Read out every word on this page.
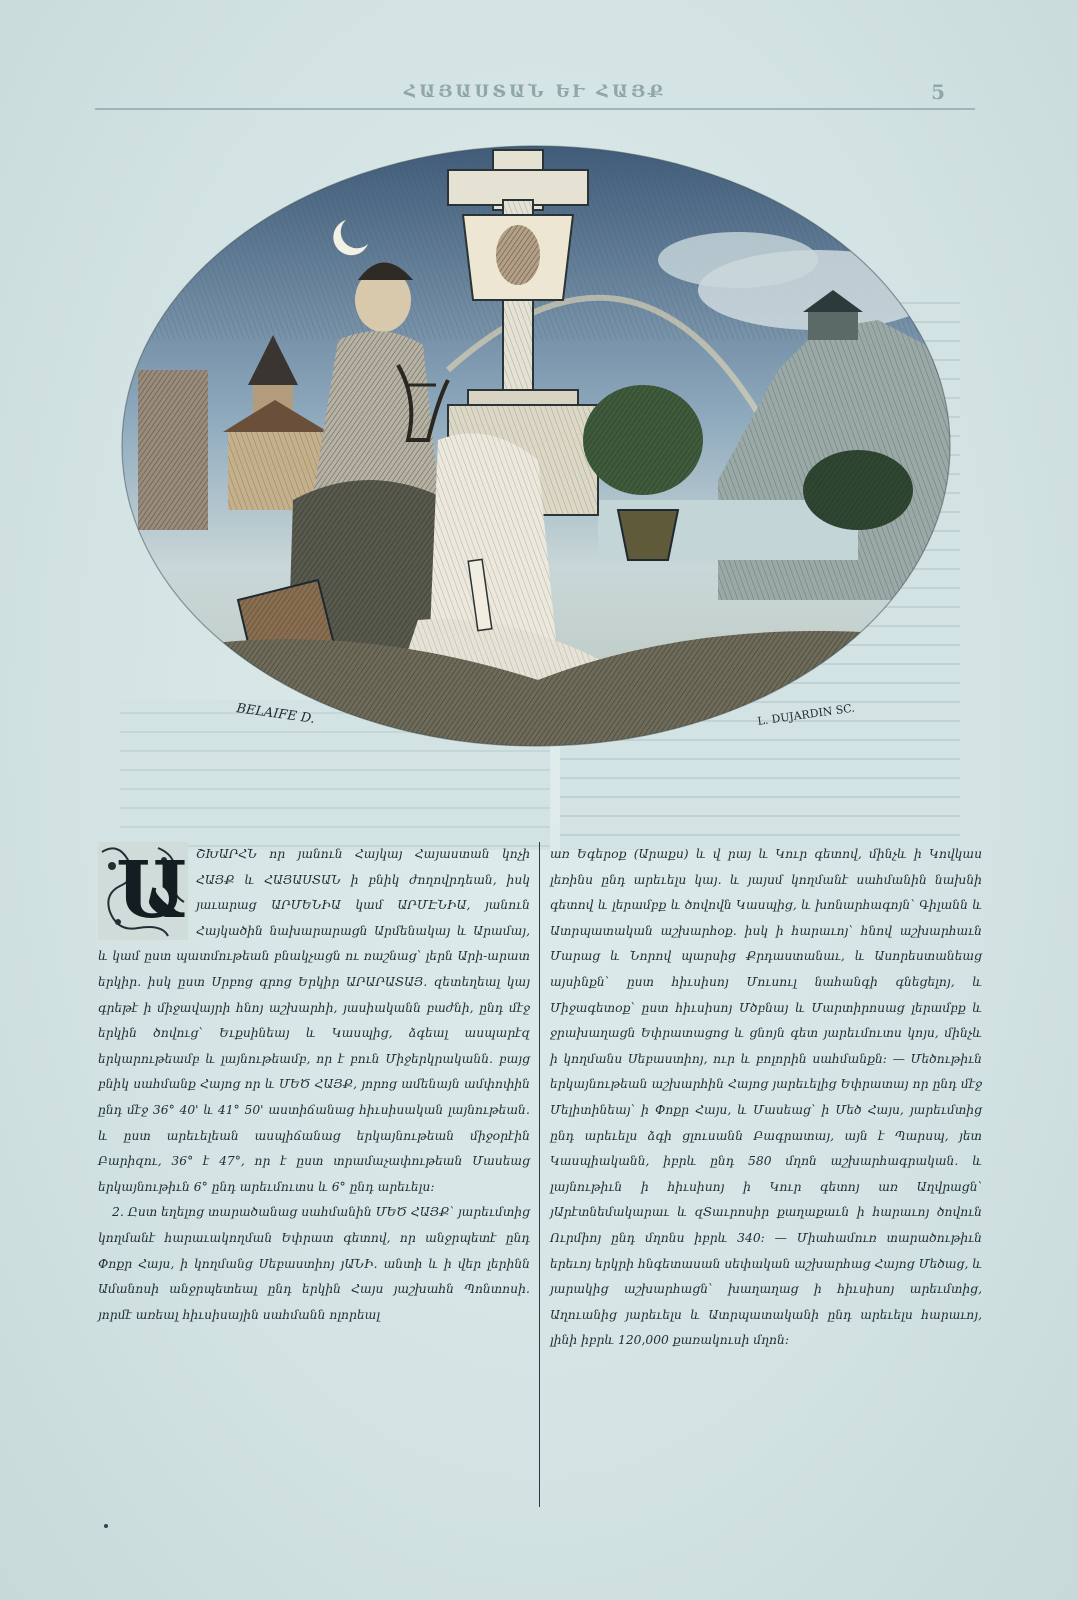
ՀԱՅԱՍՏԱՆ ԵՒ ՀԱՅՔ	5
BELAIFE D.	L. DUJARDIN SC.
Ա ՇԽԱՐՀՆ որ յանուն Հայկայ Հայաստան կոչի ՀԱՅՔ և ՀԱՅԱՍՏԱՆ ի բնիկ ժողովրդեան, իսկ յաւարաց ԱՐՄԵՆԻԱ կամ ԱՐՄԷՆԻԱ, յանուն Հայկածին նախարարացն Արմենակայ և Արամայ, և կամ ըստ պատմութեան բնակչացն ու ռաշնաց՝ լերն Արի-արատ երկիր․ իսկ ըստ Սրբոց գրոց Երկիր ԱՐԱՐԱՏԱՅ․ զետեղեալ կայ գրեթէ ի միջավայրի հնոյ աշխարհի, յասիականն բաժնի, ընդ մէջ երկին ծովուց՝ Եւքսինեայ և Կասպից, ձգեալ ասպարէզ երկարութեամբ և լայնութեամբ, որ է բուն Միջերկրականն․ բայց բնիկ սահմանք Հայոց որ և ՄԵԾ ՀԱՅՔ, յորոց ամենայն ամփոփին ընդ մէջ 36° 40' և 41° 50' աստիճանաց հիւսիսական լայնութեան․ և ըստ արեւելեան ասպիճանաց երկայնութեան միջօրէին Բարիզու, 36° է 47°, որ է ըստ տրամաչափութեան Մասեաց երկայնութիւն 6° ընդ արեւմուտս և 6° ընդ արեւելս։

2․ Ըստ եղելոց տարածանաց սահմանին ՄԵԾ ՀԱՅՔ՝ յարեւմտից կողմանէ հարաւակողման Եփրատ գետով, որ անջրպետէ ընդ Փոքր Հայս, ի կողմանց Սեբաստիոյ յԱՆԻ․ անտի և ի վեր լերինն Ամանոսի անջրպետեալ ընդ երկին Հայս յաշխահն Պոնտոսի․ յորմէ առեալ հիւսիսային սահմանն ոլորեալ

առ Եգերօք (Արաքս) և վ րայ և Կուր գետով, մինչև ի Կովկաս լեռինս ընդ արեւելս կայ․ և յայսմ կողմանէ սահմանին նախնի գետով և լերամբք և ծովովն Կասպից, և խոնարհագոյն՝ Գիլանն և Ատրպատական աշխարհօք․ իսկ ի հարաւոյ՝ հնով աշխարհաւն Մարաց և Նորով պարսից Քրդաստանաւ, և Ասորեստանեաց այսինքն՝ ըստ հիւսիսոյ Մուսուլ նահանգի գնեցելոյ, և Միջագետօք՝ ըստ հիւսիսոյ Մծբնայ և Մարտիրոսաց լերամբք և ջրախաղացն Եփրատացոց և ցնոյն գետ յարեւմուտս կոյս, մինչև ի կողմանս Սեբաստիոյ, ուր և բոլորին սահմանքն։ — Մեծութիւն երկայնութեան աշխարհին Հայոց յարեւելից Եփրատայ որ ընդ մէջ Մելիտինեայ՝ ի Փոքր Հայս, և Մասեաց՝ ի Մեծ Հայս, յարեւմտից ընդ արեւելս ձգի ցլուսանն Բագրատայ, այն է Պարսպ, յետ Կասպիականն, իբրև ընդ 580 մղոն աշխարհագրական․ և լայնութիւն ի հիւսիսոյ ի Կուր գետոյ առ Աղվրացն՝ յԱրէտնեմակարաւ և զՏաւրոսիր քաղաքաւն ի հարաւոյ ծովուն Ուրմիոյ ընդ մղոնս իբրև 340։ — Միահամուռ տարածութիւն երեւոյ երկրի հնգետասան սեփական աշխարհաց Հայոց Մեծաց, և յարակից աշխարհացն՝ խաղաղաց ի հիւսիսոյ արեւմտից, Աղուանից յարեւելս և Ատրպատականի ընդ արեւելս հարաւոյ, լինի իբրև 120,000 քառակուսի մղոն։
